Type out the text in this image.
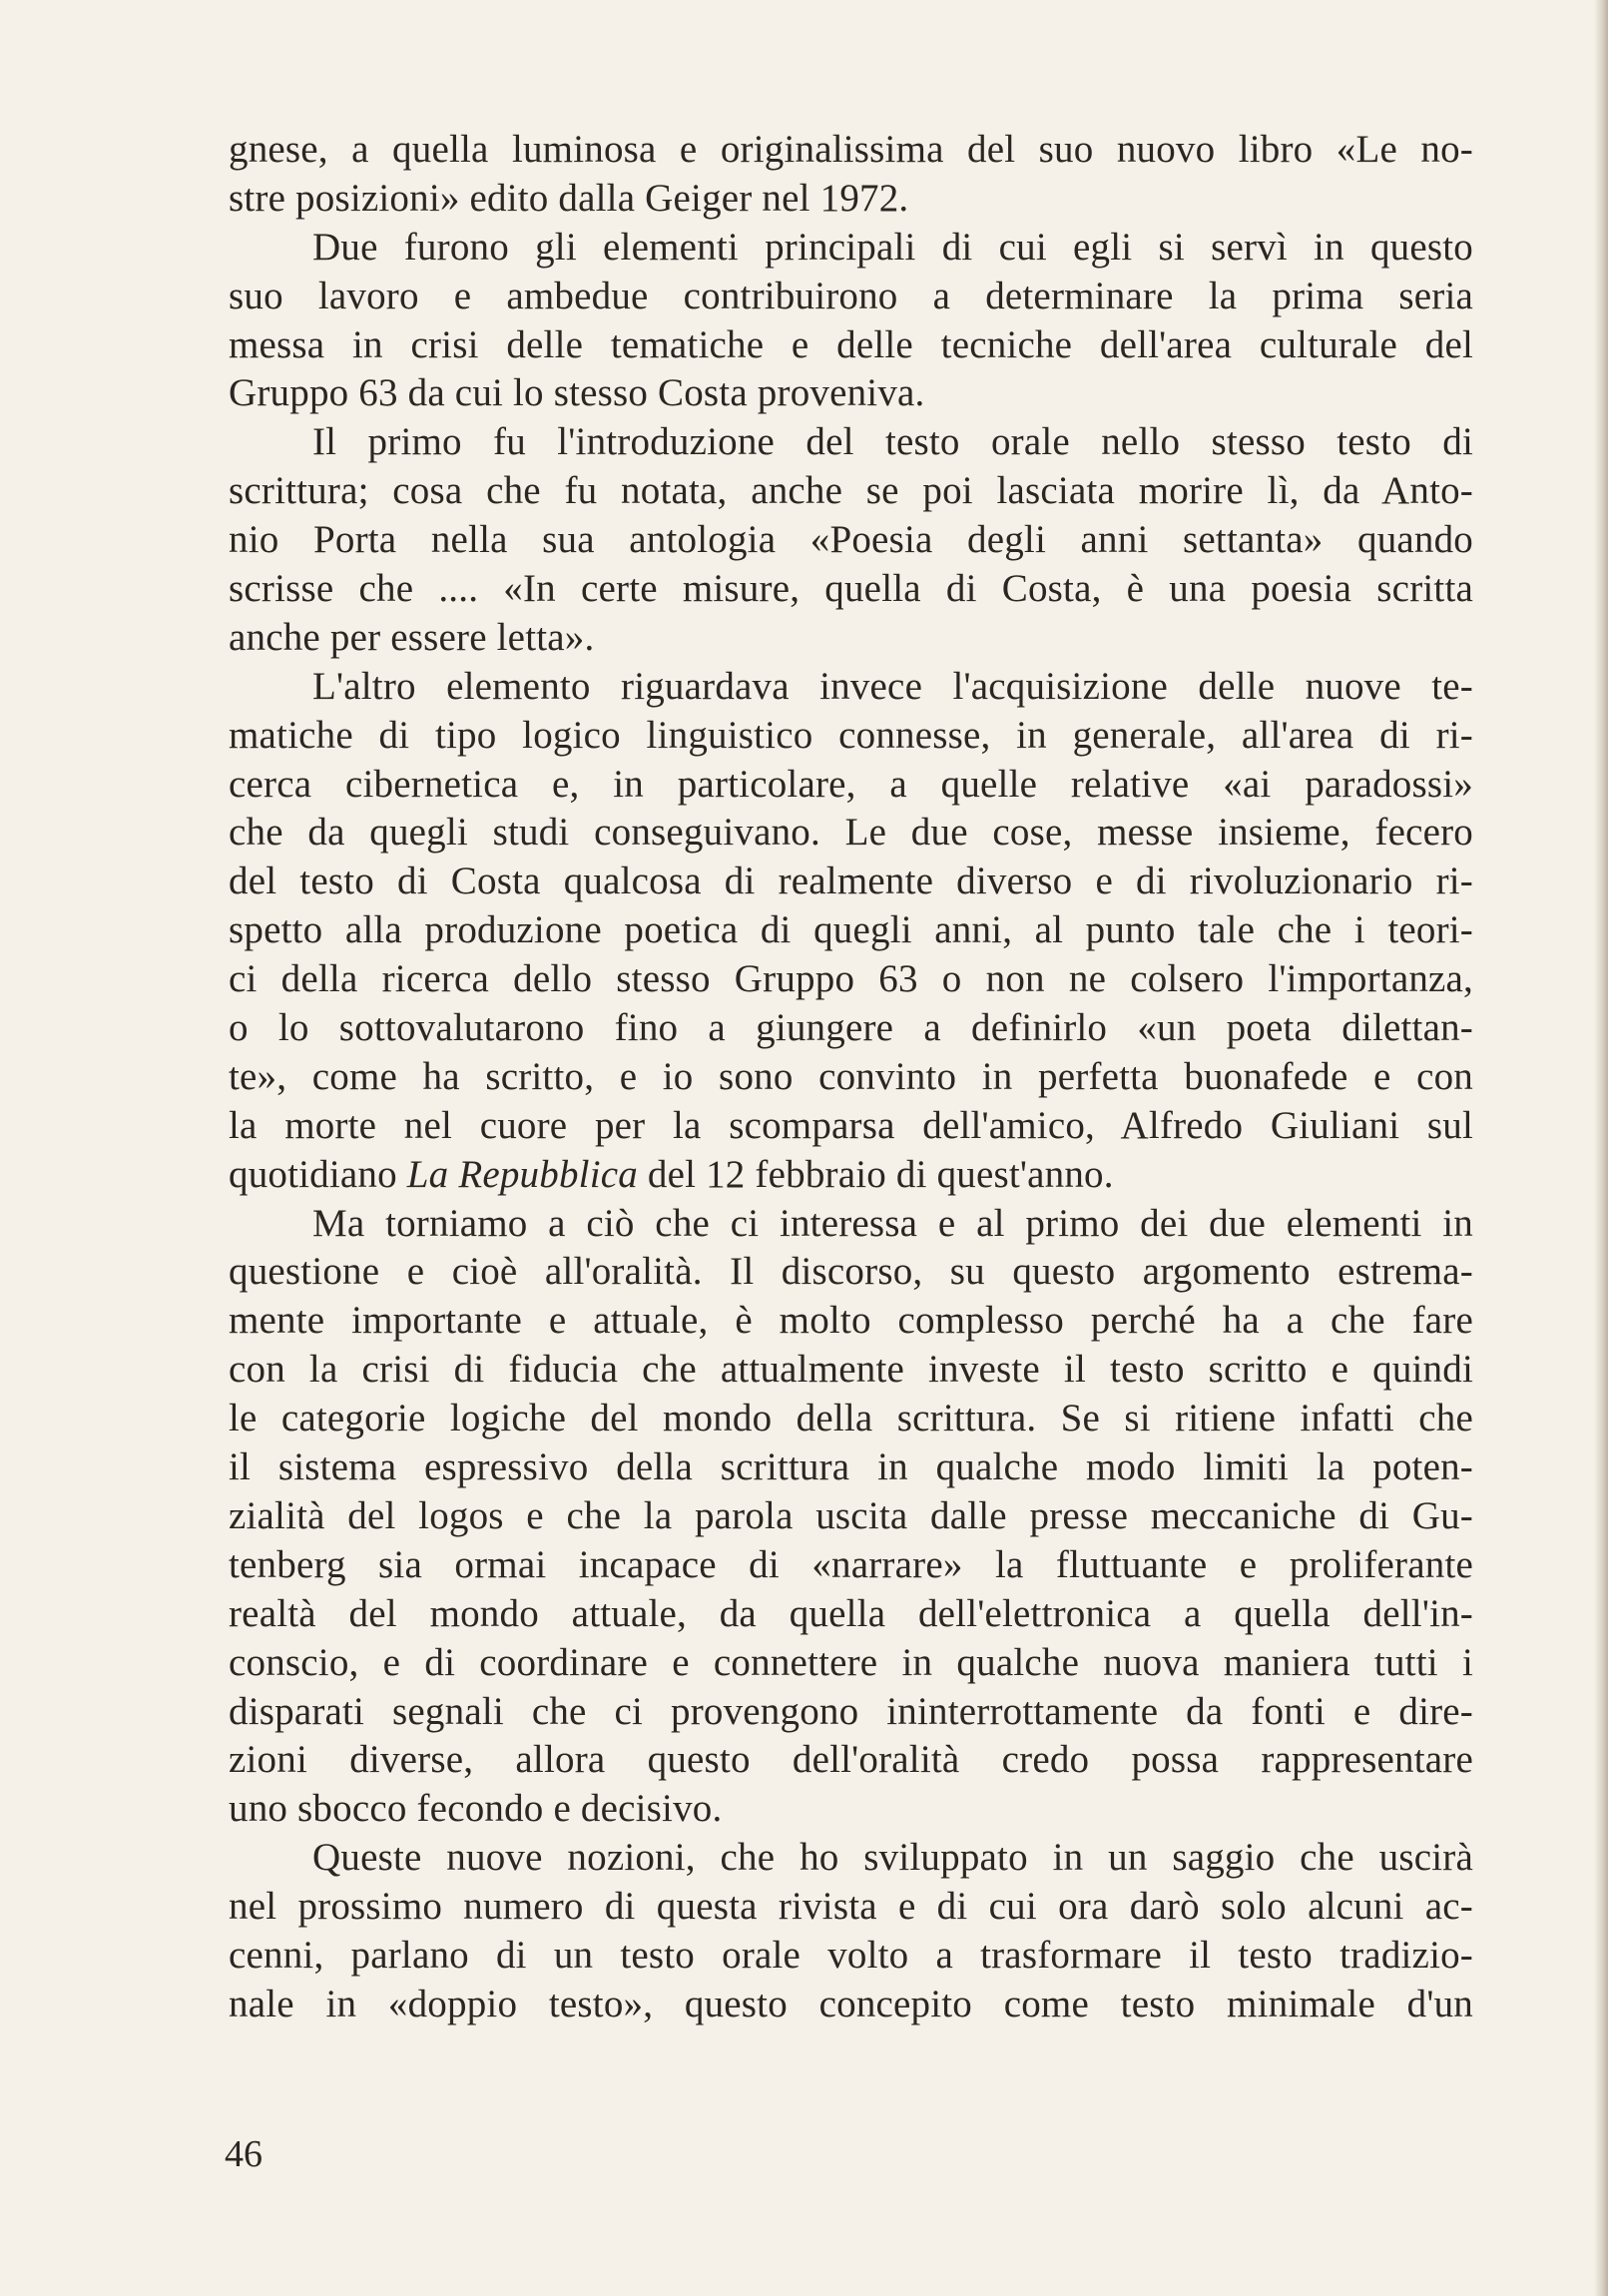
gnese, a quella luminosa e originalissima del suo nuovo libro «Le no-
stre posizioni» edito dalla Geiger nel 1972.
Due furono gli elementi principali di cui egli si servì in questo
suo lavoro e ambedue contribuirono a determinare la prima seria
messa in crisi delle tematiche e delle tecniche dell'area culturale del
Gruppo 63 da cui lo stesso Costa proveniva.
Il primo fu l'introduzione del testo orale nello stesso testo di
scrittura; cosa che fu notata, anche se poi lasciata morire lì, da Anto-
nio Porta nella sua antologia «Poesia degli anni settanta» quando
scrisse che .... «In certe misure, quella di Costa, è una poesia scritta
anche per essere letta».
L'altro elemento riguardava invece l'acquisizione delle nuove te-
matiche di tipo logico linguistico connesse, in generale, all'area di ri-
cerca cibernetica e, in particolare, a quelle relative «ai paradossi»
che da quegli studi conseguivano. Le due cose, messe insieme, fecero
del testo di Costa qualcosa di realmente diverso e di rivoluzionario ri-
spetto alla produzione poetica di quegli anni, al punto tale che i teori-
ci della ricerca dello stesso Gruppo 63 o non ne colsero l'importanza,
o lo sottovalutarono fino a giungere a definirlo «un poeta dilettan-
te», come ha scritto, e io sono convinto in perfetta buonafede e con
la morte nel cuore per la scomparsa dell'amico, Alfredo Giuliani sul
quotidiano La Repubblica del 12 febbraio di quest'anno.
Ma torniamo a ciò che ci interessa e al primo dei due elementi in
questione e cioè all'oralità. Il discorso, su questo argomento estrema-
mente importante e attuale, è molto complesso perché ha a che fare
con la crisi di fiducia che attualmente investe il testo scritto e quindi
le categorie logiche del mondo della scrittura. Se si ritiene infatti che
il sistema espressivo della scrittura in qualche modo limiti la poten-
zialità del logos e che la parola uscita dalle presse meccaniche di Gu-
tenberg sia ormai incapace di «narrare» la fluttuante e proliferante
realtà del mondo attuale, da quella dell'elettronica a quella dell'in-
conscio, e di coordinare e connettere in qualche nuova maniera tutti i
disparati segnali che ci provengono ininterrottamente da fonti e dire-
zioni diverse, allora questo dell'oralità credo possa rappresentare
uno sbocco fecondo e decisivo.
Queste nuove nozioni, che ho sviluppato in un saggio che uscirà
nel prossimo numero di questa rivista e di cui ora darò solo alcuni ac-
cenni, parlano di un testo orale volto a trasformare il testo tradizio-
nale in «doppio testo», questo concepito come testo minimale d'un
46
